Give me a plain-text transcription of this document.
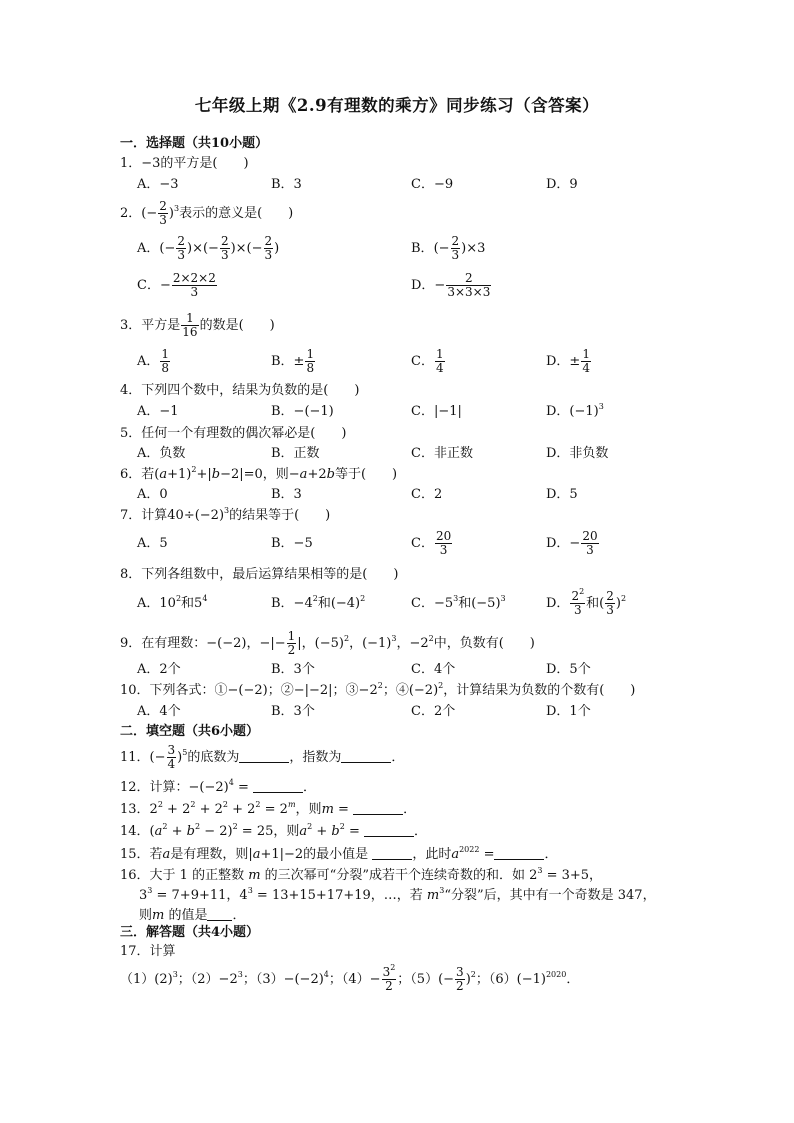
七年级上期《2.9有理数的乘方》同步练习（含答案）
一．选择题（共10小题）
1．−3的平方是(　　)
A．−3	B．3	C．−9	D．9
2．(− $\frac{2}{3} )^3$表示的意义是(　　)
A．(− $\frac{2}{3}$ )×(− $\frac{2}{3}$ )×(− $\frac{2}{3}$ )	B．(− $\frac{2}{3} )\times 3$
C．− $\frac{2\times 2\times 2}{3}$	D．− $\frac{2}{3\times 3\times 3}$
3．平方是 $\frac{1}{16}$ 的数是(　　)
A． $\frac{1}{8}$	B．± $\frac{1}{8}$	C． $\frac{1}{4}$	D．± $\frac{1}{4}$
4．下列四个数中，结果为负数的是(　　)
A．−1	B．−(−1)	C．|−1|	D．$(-1)^3$
5．任何一个有理数的偶次幂必是(　　)
A．负数	B．正数	C．非正数	D．非负数
6．若$(a+1)^2+|b-2|=0$，则−a+2b等于(　　)
A．0	B．3	C．2	D．5
7．计算$40\div(-2)^3$的结果等于(　　)
A．5	B．−5	C． $\frac{20}{3}$	D．− $\frac{20}{3}$
8．下列各组数中，最后运算结果相等的是(　　)
A．$10^2$和$5^4$	B．$-4^2$和$(-4)^2$	C．$-5^3$和$(-5)^3$	D． $\frac{2^2}{3}$ 和( $\frac{2}{3} )^2$
9．在有理数：−(−2)，−|− $\frac{1}{2}$ |，$(-5)^2$，$(-1)^3$，$-2^2$中，负数有(　　)
A．2个	B．3个	C．4个	D．5个
10．下列各式：①−(−2)；②−|−2|；$③-2^2$；$④(-2)^2$，计算结果为负数的个数有(　　)
A．4个	B．3个	C．2个	D．1个
二．填空题（共6小题）
11．(− $\frac{3}{4} )^5$的底数为	，指数为	．
12．计算：$-(-2)^4$ =	．
13．$2^2 + 2^2 + 2^2 + 2^2 = 2^m$，则m =	．
14．$(a^2 + b^2 - 2)^2 = 25$，则$a^2 + b^2$ =	．
15．若a是有理数，则|a+1|−2的最小值是	，此时$a^{2022}$ =	．
16．大于 1 的正整数 m 的三次幂可“分裂”成若干个连续奇数的和．如 $2^3 = 3+5$，
$3^3 = 7+9+11$，$4^3 = 13+15+17+19$，…，若 $m^3“$分裂”后，其中有一个奇数是 347，
则m 的值是 ．
三．解答题（共4小题）
17．计算
$(1)(2)^3$；$(2)-2^3$；$(3)-(-2)^4$；$(4)- \frac{3^2}{2}$ ；$(5)(- \frac{3}{2} )^2$；$(6)(-1)^{2020}$．
